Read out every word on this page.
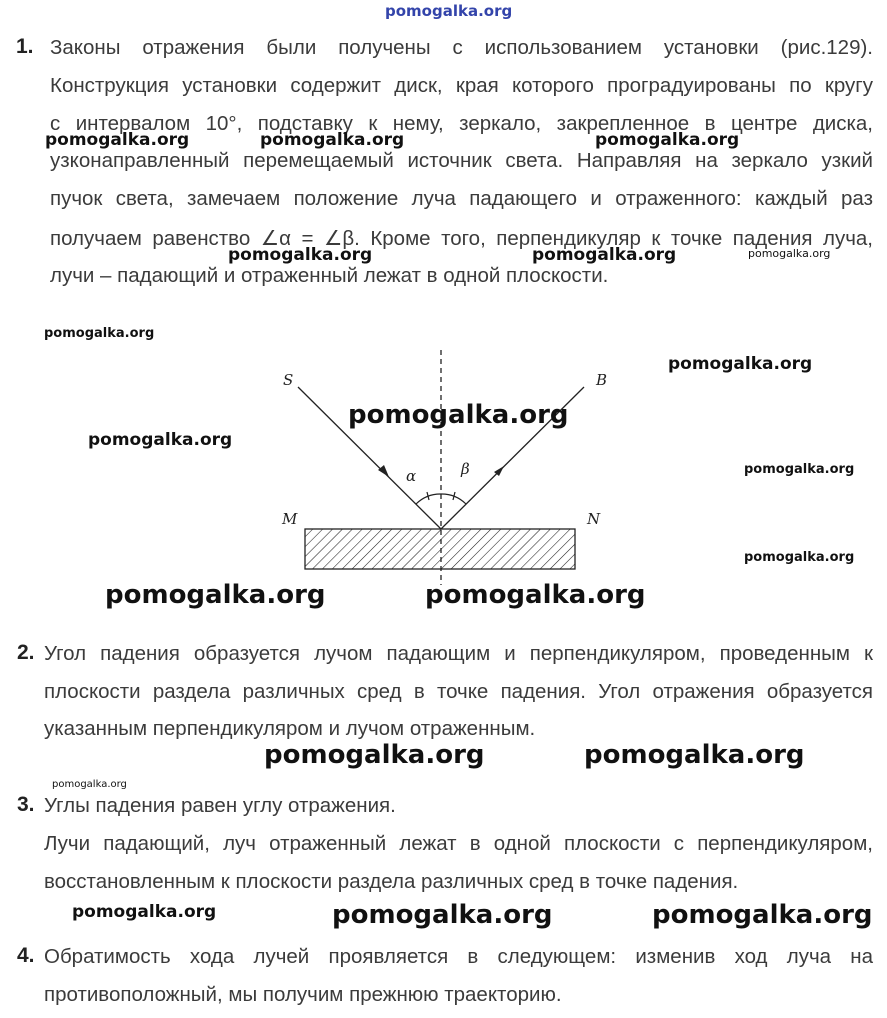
pomogalka.org
1. Законы отражения были получены с использованием установки (рис.129).
Конструкция установки содержит диск, края которого проградуированы по кругу
с интервалом 10°, подставку к нему, зеркало, закрепленное в центре диска,
узконаправленный перемещаемый источник света. Направляя на зеркало узкий
пучок света, замечаем положение луча падающего и отраженного: каждый раз
получаем равенство ∠α = ∠β. Кроме того, перпендикуляр к точке падения луча,
лучи – падающий и отраженный лежат в одной плоскости.
pomogalka.org	pomogalka.org	pomogalka.org
pomogalka.org	pomogalka.org	pomogalka.org
pomogalka.org
pomogalka.org
pomogalka.org
pomogalka.org
pomogalka.org
S	B
M	N
α	β
pomogalka.org
pomogalka.org	pomogalka.org
2. Угол падения образуется лучом падающим и перпендикуляром, проведенным к
плоскости раздела различных сред в точке падения. Угол отражения образуется
указанным перпендикуляром и лучом отраженным.
pomogalka.org	pomogalka.org
pomogalka.org
3. Углы падения равен углу отражения.
Лучи падающий, луч отраженный лежат в одной плоскости с перпендикуляром,
восстановленным к плоскости раздела различных сред в точке падения.
pomogalka.org	pomogalka.org	pomogalka.org
4. Обратимость хода лучей проявляется в следующем: изменив ход луча на
противоположный, мы получим прежнюю траекторию.
